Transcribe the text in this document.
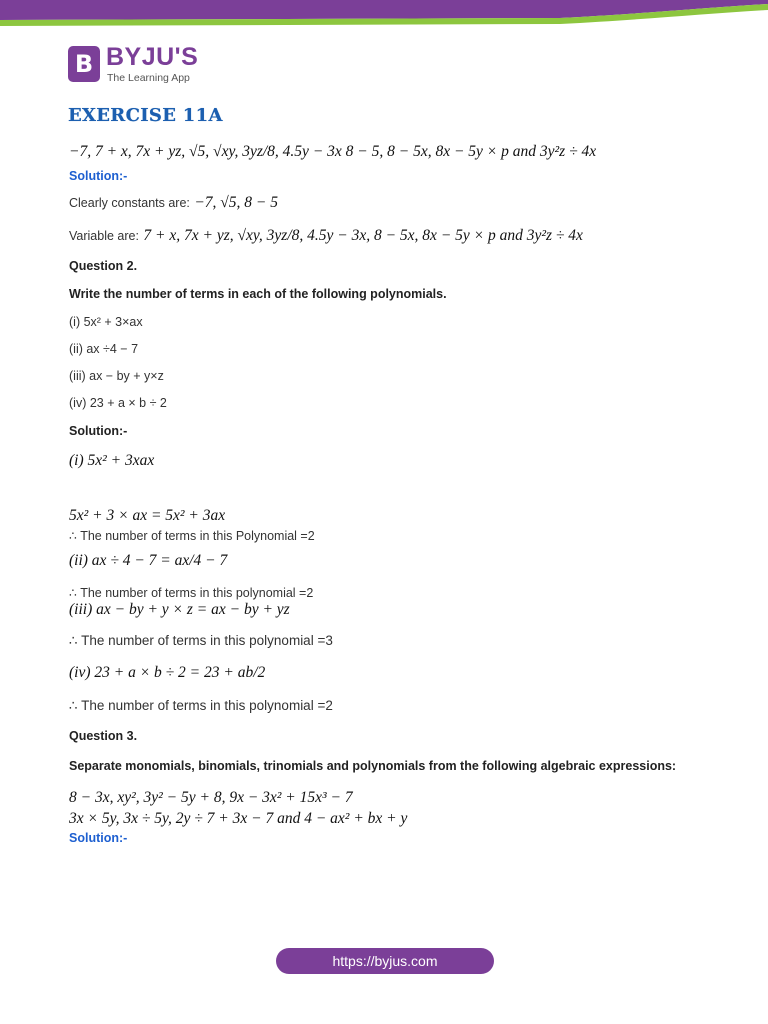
B BYJU'S
The Learning App
EXERCISE 11A
−7, 7 + x, 7x + yz, √5, √xy, 3yz/8, 4.5y − 3x 8 − 5, 8 − 5x, 8x − 5y × p and 3y²z ÷ 4x
Solution:-
Clearly constants are: −7, √5, 8 − 5
Variable are: 7 + x, 7x + yz, √xy, 3yz/8, 4.5y − 3x, 8 − 5x, 8x − 5y × p and 3y²z ÷ 4x
Question 2.
Write the number of terms in each of the following polynomials.
(i) 5x² + 3×ax
(ii) ax ÷4 − 7
(iii) ax − by + y×z
(iv) 23 + a × b ÷ 2
Solution:-
(i) 5x² + 3xax
5x² + 3 × ax = 5x² + 3ax
∴ The number of terms in this Polynomial =2
(ii) ax ÷ 4 − 7 = ax/4 − 7
∴ The number of terms in this polynomial =2
(iii) ax − by + y × z = ax − by + yz
∴ The number of terms in this polynomial =3
(iv) 23 + a × b ÷ 2 = 23 + ab/2
∴ The number of terms in this polynomial =2
Question 3.
Separate monomials, binomials, trinomials and polynomials from the following algebraic expressions:
8 − 3x, xy², 3y² − 5y + 8, 9x − 3x² + 15x³ − 7
3x × 5y, 3x ÷ 5y, 2y ÷ 7 + 3x − 7 and 4 − ax² + bx + y
Solution:-
https://byjus.com
